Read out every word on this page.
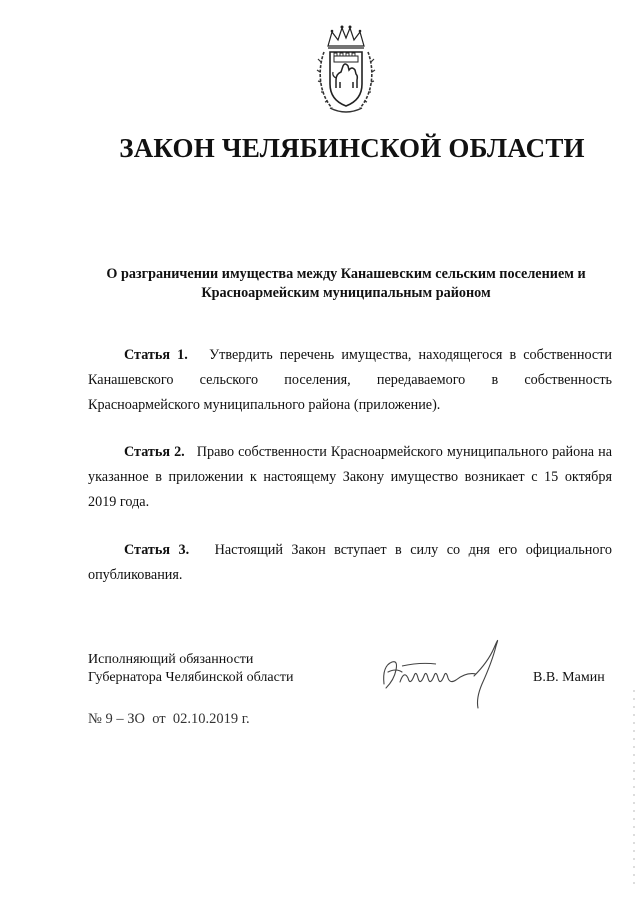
ЗАКОН ЧЕЛЯБИНСКОЙ ОБЛАСТИ
О разграничении имущества между Канашевским сельским поселением и
Красноармейским муниципальным районом
Статья 1. Утвердить перечень имущества, находящегося в собственности Канашевского сельского поселения, передаваемого в собственность Красноармейского муниципального района (приложение).
Статья 2. Право собственности Красноармейского муниципального района на указанное в приложении к настоящему Закону имущество возникает с 15 октября 2019 года.
Статья 3. Настоящий Закон вступает в силу со дня его официального опубликования.
Исполняющий обязанности
Губернатора Челябинской области	В.В. Мамин
№ 9 – ЗО  от  02.10.2019 г.
